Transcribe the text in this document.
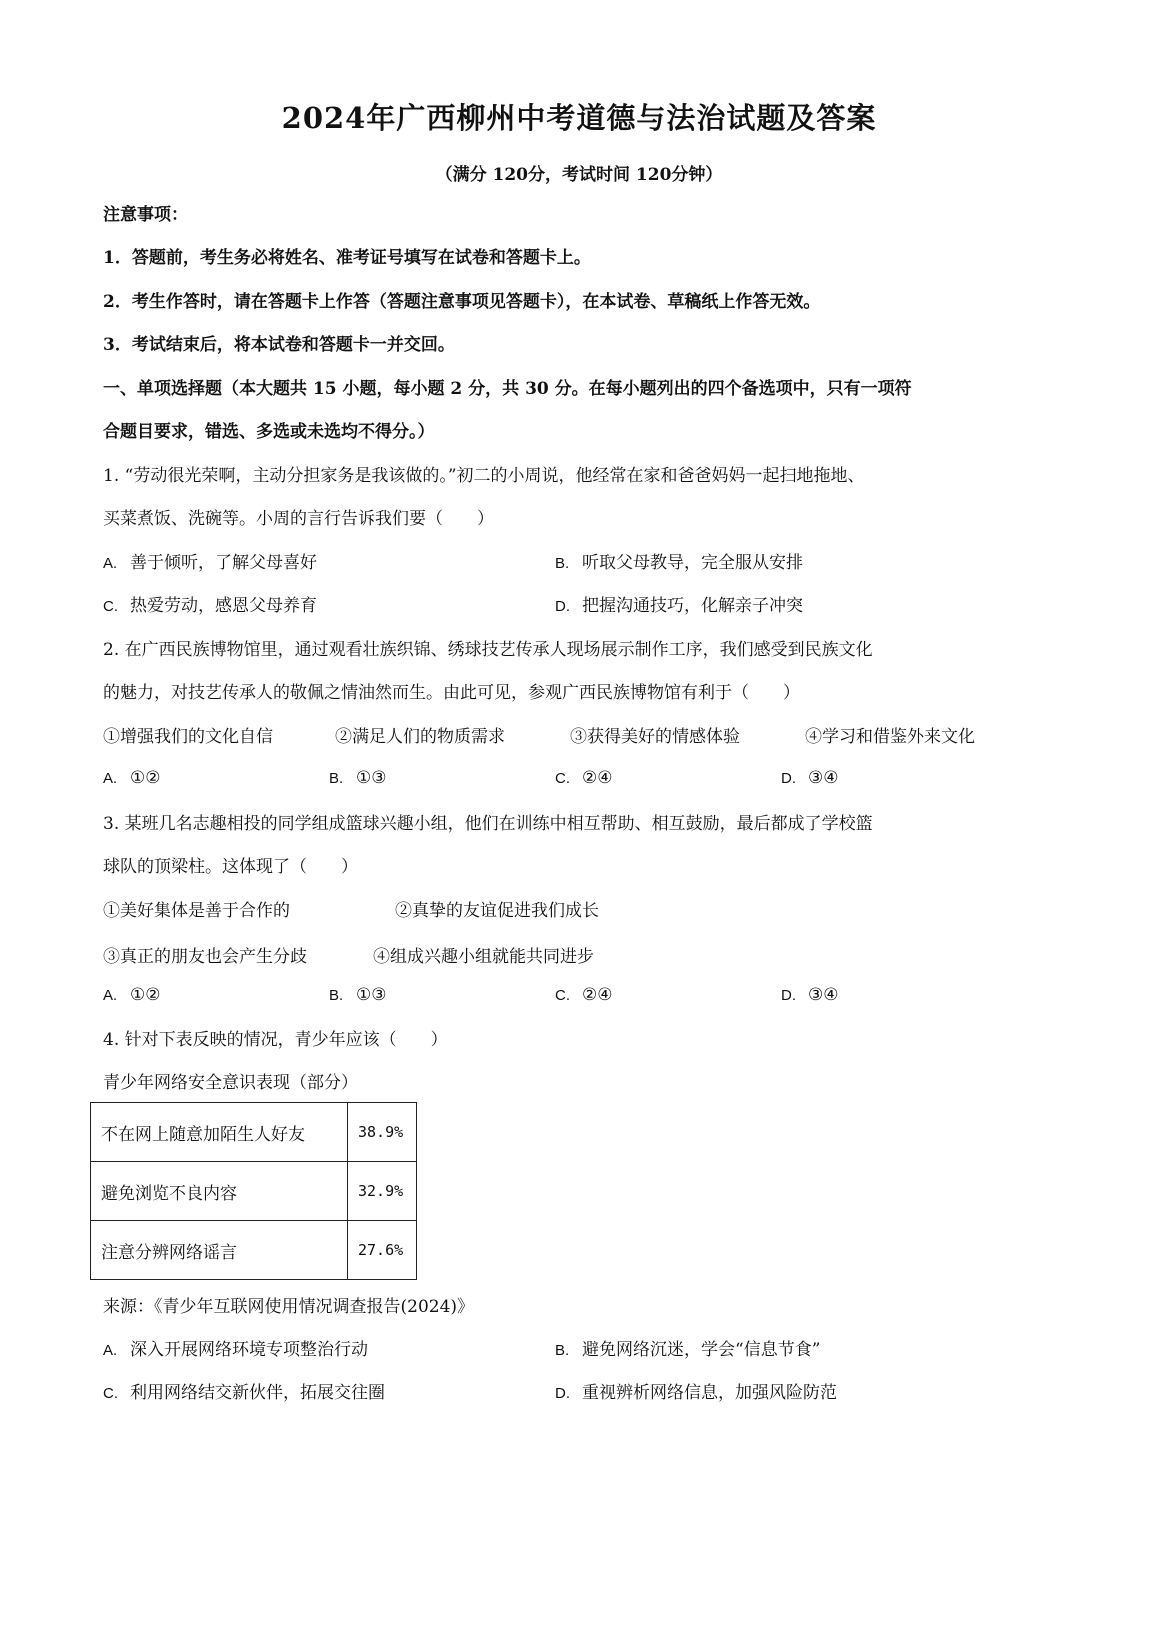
2024年广西柳州中考道德与法治试题及答案
（满分 120分，考试时间 120分钟）
注意事项：
1．答题前，考生务必将姓名、准考证号填写在试卷和答题卡上。
2．考生作答时，请在答题卡上作答（答题注意事项见答题卡），在本试卷、草稿纸上作答无效。
3．考试结束后，将本试卷和答题卡一并交回。
一、单项选择题（本大题共 15 小题，每小题 2 分，共 30 分。在每小题列出的四个备选项中，只有一项符
合题目要求，错选、多选或未选均不得分。）
1. “劳动很光荣啊，主动分担家务是我该做的。”初二的小周说，他经常在家和爸爸妈妈一起扫地拖地、
买菜煮饭、洗碗等。小周的言行告诉我们要（　　）
A. 善于倾听，了解父母喜好	B. 听取父母教导，完全服从安排
C. 热爱劳动，感恩父母养育	D. 把握沟通技巧，化解亲子冲突
2. 在广西民族博物馆里，通过观看壮族织锦、绣球技艺传承人现场展示制作工序，我们感受到民族文化
的魅力，对技艺传承人的敬佩之情油然而生。由此可见，参观广西民族博物馆有利于（　　）
①增强我们的文化自信	②满足人们的物质需求	③获得美好的情感体验	④学习和借鉴外来文化
A. ①②	B. ①③	C. ②④	D. ③④
3. 某班几名志趣相投的同学组成篮球兴趣小组，他们在训练中相互帮助、相互鼓励，最后都成了学校篮
球队的顶梁柱。这体现了（　　）
①美好集体是善于合作的	②真挚的友谊促进我们成长
③真正的朋友也会产生分歧	④组成兴趣小组就能共同进步
A. ①②	B. ①③	C. ②④	D. ③④
4. 针对下表反映的情况，青少年应该（　　）
青少年网络安全意识表现（部分）
不在网上随意加陌生人好友	38.9%
避免浏览不良内容	32.9%
注意分辨网络谣言	27.6%
来源：《青少年互联网使用情况调查报告(2024)》
A. 深入开展网络环境专项整治行动	B. 避免网络沉迷，学会“信息节食”
C. 利用网络结交新伙伴，拓展交往圈	D. 重视辨析网络信息，加强风险防范
